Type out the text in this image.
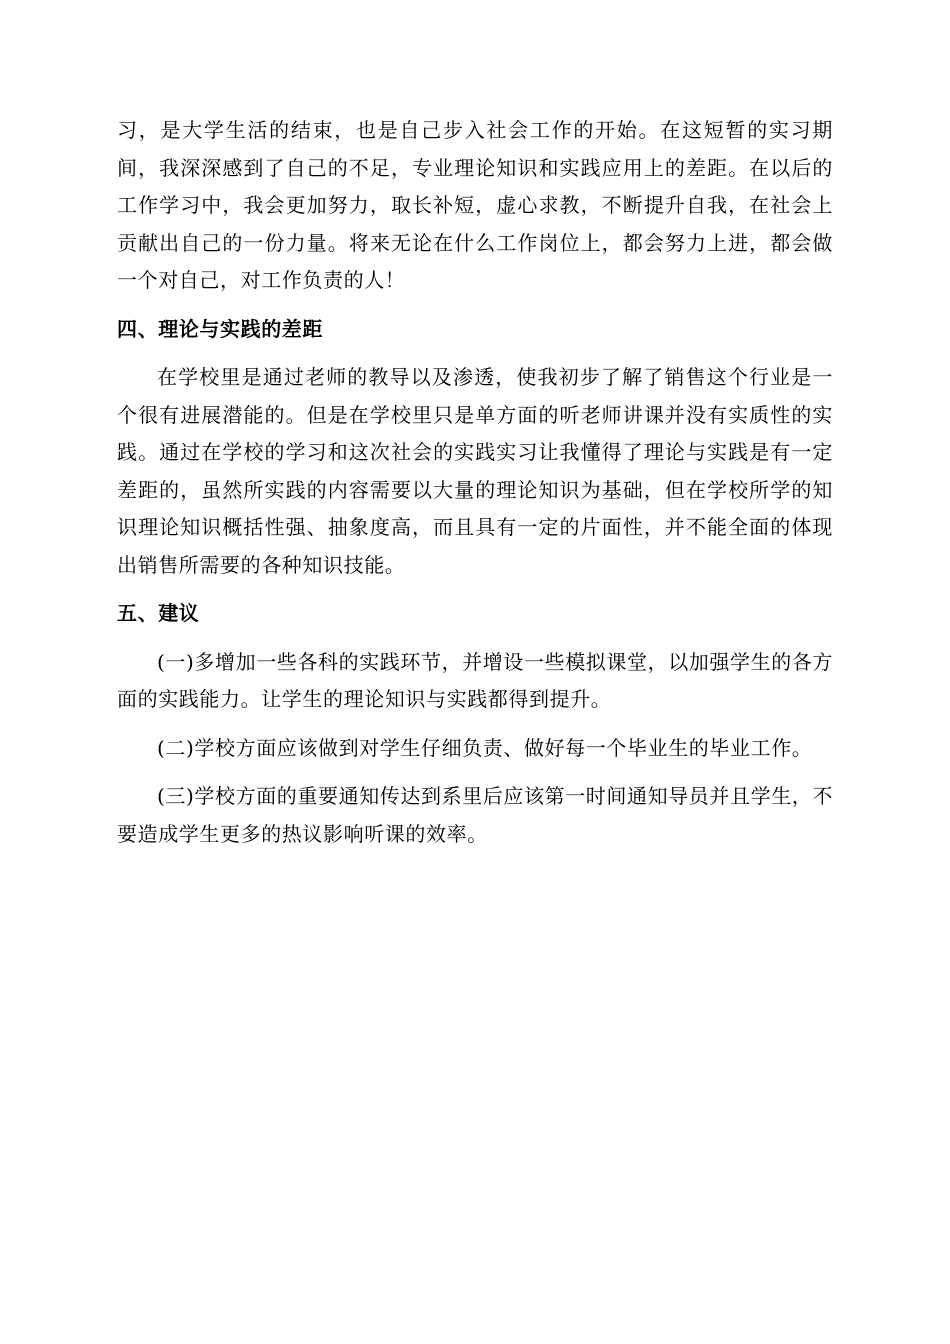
习，是大学生活的结束，也是自己步入社会工作的开始。在这短暂的实习期间，我深深感到了自己的不足，专业理论知识和实践应用上的差距。在以后的工作学习中，我会更加努力，取长补短，虚心求教，不断提升自我，在社会上贡献出自己的一份力量。将来无论在什么工作岗位上，都会努力上进，都会做一个对自己，对工作负责的人！

四、理论与实践的差距

在学校里是通过老师的教导以及渗透，使我初步了解了销售这个行业是一个很有进展潜能的。但是在学校里只是单方面的听老师讲课并没有实质性的实践。通过在学校的学习和这次社会的实践实习让我懂得了理论与实践是有一定差距的，虽然所实践的内容需要以大量的理论知识为基础，但在学校所学的知识理论知识概括性强、抽象度高，而且具有一定的片面性，并不能全面的体现出销售所需要的各种知识技能。

五、建议

(一)多增加一些各科的实践环节，并增设一些模拟课堂，以加强学生的各方面的实践能力。让学生的理论知识与实践都得到提升。

(二)学校方面应该做到对学生仔细负责、做好每一个毕业生的毕业工作。

(三)学校方面的重要通知传达到系里后应该第一时间通知导员并且学生，不要造成学生更多的热议影响听课的效率。
